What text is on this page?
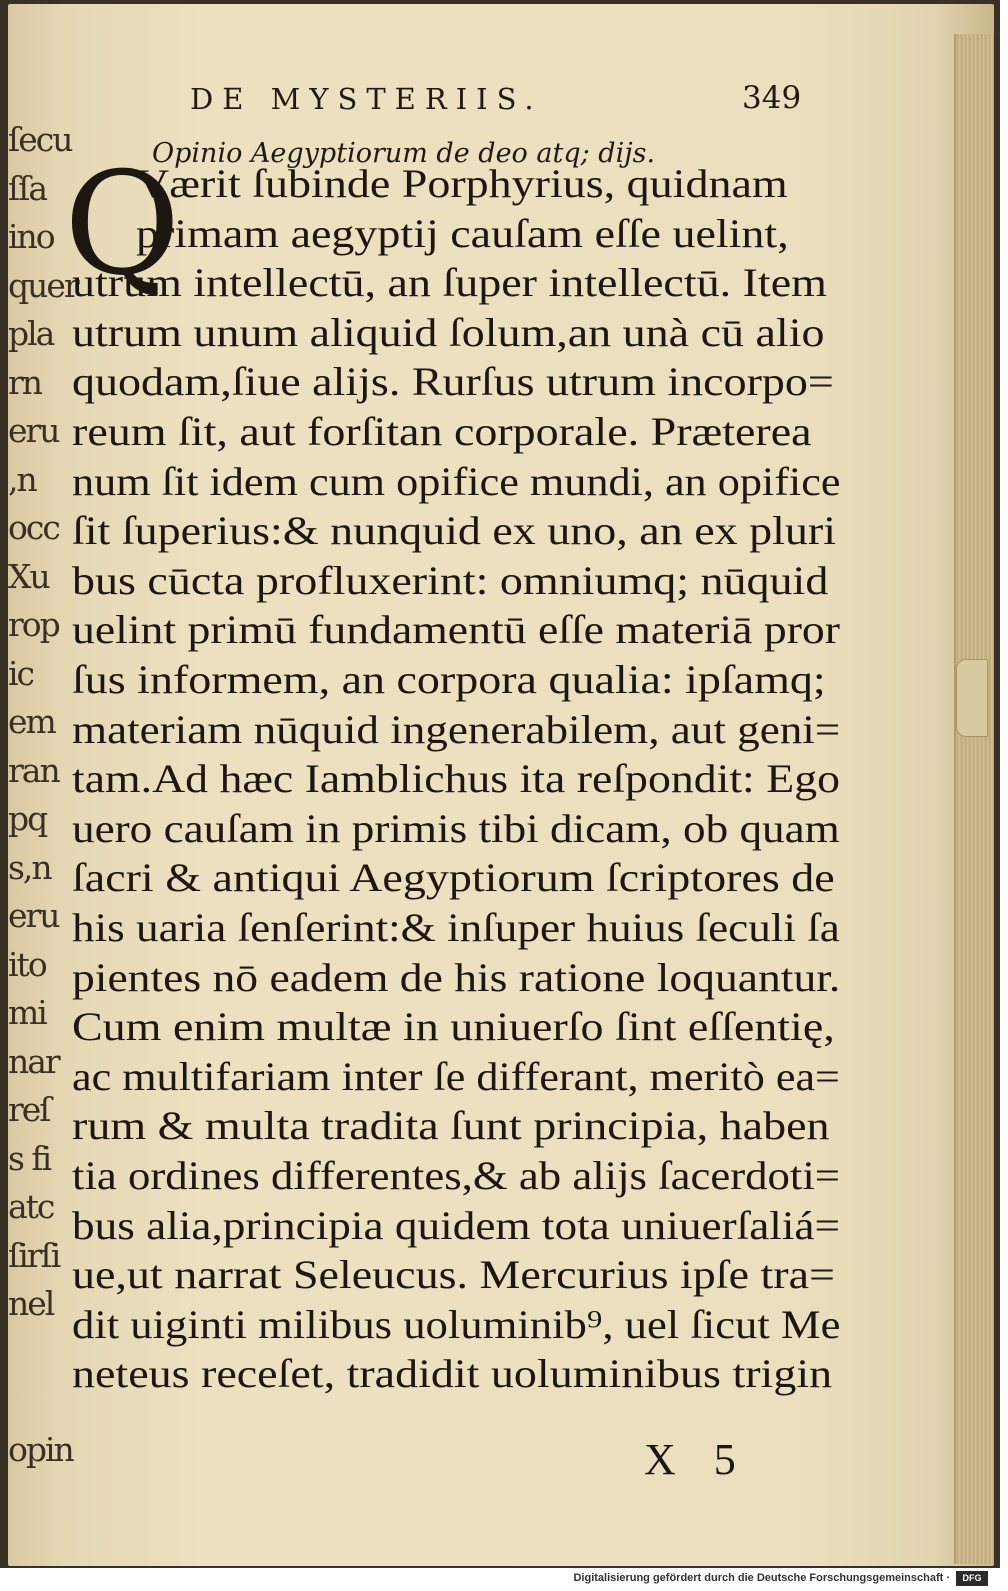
ſecu
ſſa
ino
quer
pla
rn
eru
,n
occ
Xu
rop
ic
em
ran
pq
s,n
eru
ito
mi
nar
reſ
s fi
atc
ſirſi
nel
opin
DE MYSTERIIS.	349
Opinio Aegyptiorum de deo atq; dijs.
Q
Værit ſubinde Porphyrius, quidnam
primam aegyptij cauſam eſſe uelint,
utrum intellectū, an ſuper intellectū. Item
utrum unum aliquid ſolum,an unà cū alio
quodam,ſiue alijs. Rurſus utrum incorpo=
reum ſit, aut forſitan corporale. Præterea
num ſit idem cum opifice mundi, an opifice
ſit ſuperius:& nunquid ex uno, an ex pluri
bus cūcta profluxerint: omniumq; nūquid
uelint primū fundamentū eſſe materiā pror
ſus informem, an corpora qualia: ipſamq;
materiam nūquid ingenerabilem, aut geni=
tam.Ad hæc Iamblichus ita reſpondit: Ego
uero cauſam in primis tibi dicam, ob quam
ſacri & antiqui Aegyptiorum ſcriptores de
his uaria ſenſerint:& inſuper huius ſeculi ſa
pientes nō eadem de his ratione loquantur.
Cum enim multæ in uniuerſo ſint eſſentię,
ac multifariam inter ſe differant, meritò ea=
rum & multa tradita ſunt principia, haben
tia ordines differentes,& ab alijs ſacerdoti=
bus alia,principia quidem tota uniuerſaliá=
ue,ut narrat Seleucus. Mercurius ipſe tra=
dit uiginti milibus uoluminib⁹, uel ſicut Me
neteus receſet, tradidit uoluminibus trigin
X 5
Digitalisierung gefördert durch die Deutsche Forschungsgemeinschaft ·	DFG
